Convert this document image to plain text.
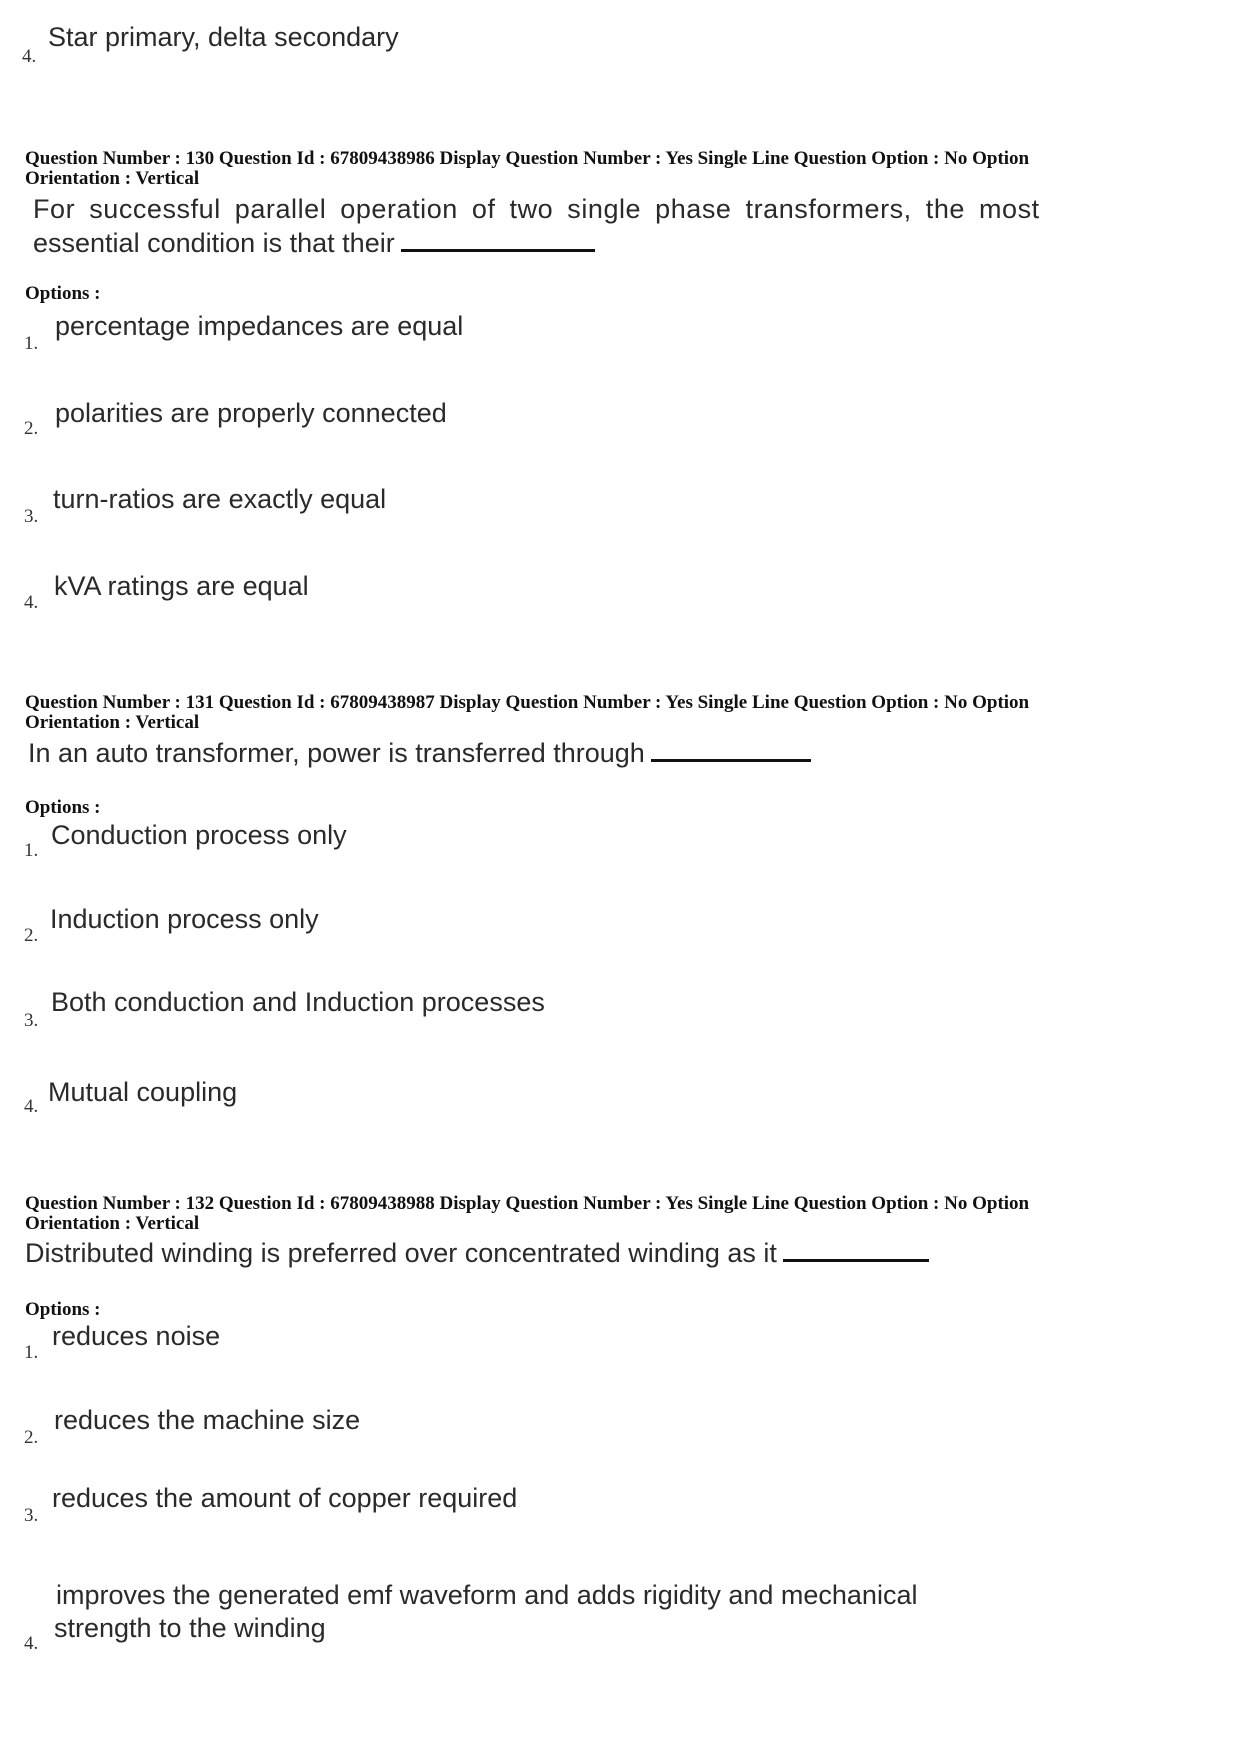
4.
Star primary, delta secondary
Question Number : 130 Question Id : 67809438986 Display Question Number : Yes Single Line Question Option : No Option
Orientation : Vertical
For successful parallel operation of two single phase transformers, the most
essential condition is that their
Options :
1.
percentage impedances are equal
2.
polarities are properly connected
3.
turn-ratios are exactly equal
4.
kVA ratings are equal
Question Number : 131 Question Id : 67809438987 Display Question Number : Yes Single Line Question Option : No Option
Orientation : Vertical
In an auto transformer, power is transferred through
Options :
1.
Conduction process only
2.
Induction process only
3.
Both conduction and Induction processes
4. Mutual coupling
Question Number : 132 Question Id : 67809438988 Display Question Number : Yes Single Line Question Option : No Option
Orientation : Vertical
Distributed winding is preferred over concentrated winding as it
Options :
1.
reduces noise
2.
reduces the machine size
3.
reduces the amount of copper required
4.
improves the generated emf waveform and adds rigidity and mechanical
strength to the winding
